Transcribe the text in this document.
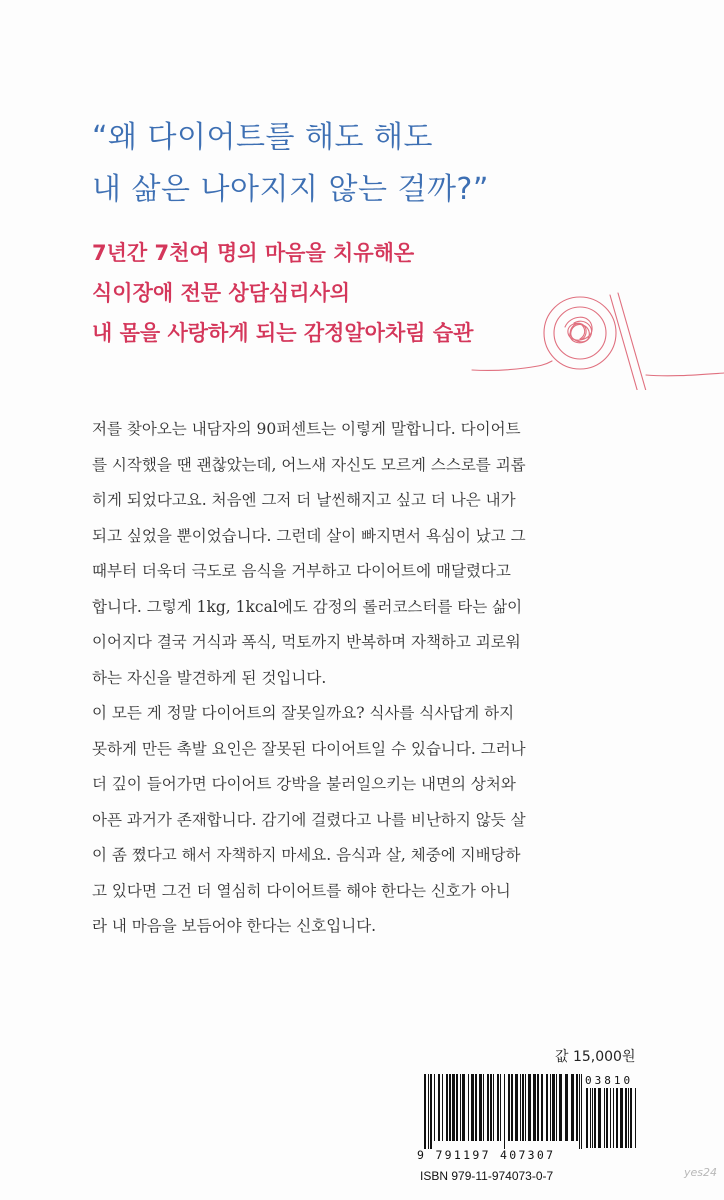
“왜 다이어트를 해도 해도
내 삶은 나아지지 않는 걸까?”
7년간 7천여 명의 마음을 치유해온
식이장애 전문 상담심리사의
내 몸을 사랑하게 되는 감정알아차림 습관
저를 찾아오는 내담자의 90퍼센트는 이렇게 말합니다. 다이어트
를 시작했을 땐 괜찮았는데, 어느새 자신도 모르게 스스로를 괴롭
히게 되었다고요. 처음엔 그저 더 날씬해지고 싶고 더 나은 내가
되고 싶었을 뿐이었습니다. 그런데 살이 빠지면서 욕심이 났고 그
때부터 더욱더 극도로 음식을 거부하고 다이어트에 매달렸다고
합니다. 그렇게 1kg, 1kcal에도 감정의 롤러코스터를 타는 삶이
이어지다 결국 거식과 폭식, 먹토까지 반복하며 자책하고 괴로워
하는 자신을 발견하게 된 것입니다.
이 모든 게 정말 다이어트의 잘못일까요? 식사를 식사답게 하지
못하게 만든 촉발 요인은 잘못된 다이어트일 수 있습니다. 그러나
더 깊이 들어가면 다이어트 강박을 불러일으키는 내면의 상처와
아픈 과거가 존재합니다. 감기에 걸렸다고 나를 비난하지 않듯 살
이 좀 쪘다고 해서 자책하지 마세요. 음식과 살, 체중에 지배당하
고 있다면 그건 더 열심히 다이어트를 해야 한다는 신호가 아니
라 내 마음을 보듬어야 한다는 신호입니다.
값 15,000원
03810
9 791197 407307
ISBN 979-11-974073-0-7	yes24
